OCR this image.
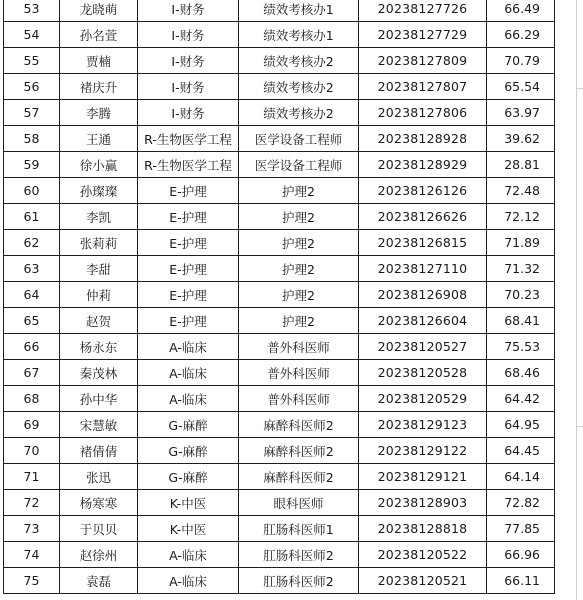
53	龙晓萌	I-财务	绩效考核办1	20238127726	66.49
54	孙名萱	I-财务	绩效考核办1	20238127729	66.29
55	贾楠	I-财务	绩效考核办2	20238127809	70.79
56	褚庆升	I-财务	绩效考核办2	20238127807	65.54
57	李腾	I-财务	绩效考核办2	20238127806	63.97
58	王通	R-生物医学工程	医学设备工程师	20238128928	39.62
59	徐小赢	R-生物医学工程	医学设备工程师	20238128929	28.81
60	孙璨璨	E-护理	护理2	20238126126	72.48
61	李凯	E-护理	护理2	20238126626	72.12
62	张莉莉	E-护理	护理2	20238126815	71.89
63	李甜	E-护理	护理2	20238127110	71.32
64	仲莉	E-护理	护理2	20238126908	70.23
65	赵贺	E-护理	护理2	20238126604	68.41
66	杨永东	A-临床	普外科医师	20238120527	75.53
67	秦茂林	A-临床	普外科医师	20238120528	68.46
68	孙中华	A-临床	普外科医师	20238120529	64.42
69	宋慧敏	G-麻醉	麻醉科医师2	20238129123	64.95
70	褚倩倩	G-麻醉	麻醉科医师2	20238129122	64.45
71	张迅	G-麻醉	麻醉科医师2	20238129121	64.14
72	杨寒寒	K-中医	眼科医师	20238128903	72.82
73	于贝贝	K-中医	肛肠科医师1	20238128818	77.85
74	赵徐州	A-临床	肛肠科医师2	20238120522	66.96
75	袁磊	A-临床	肛肠科医师2	20238120521	66.11
